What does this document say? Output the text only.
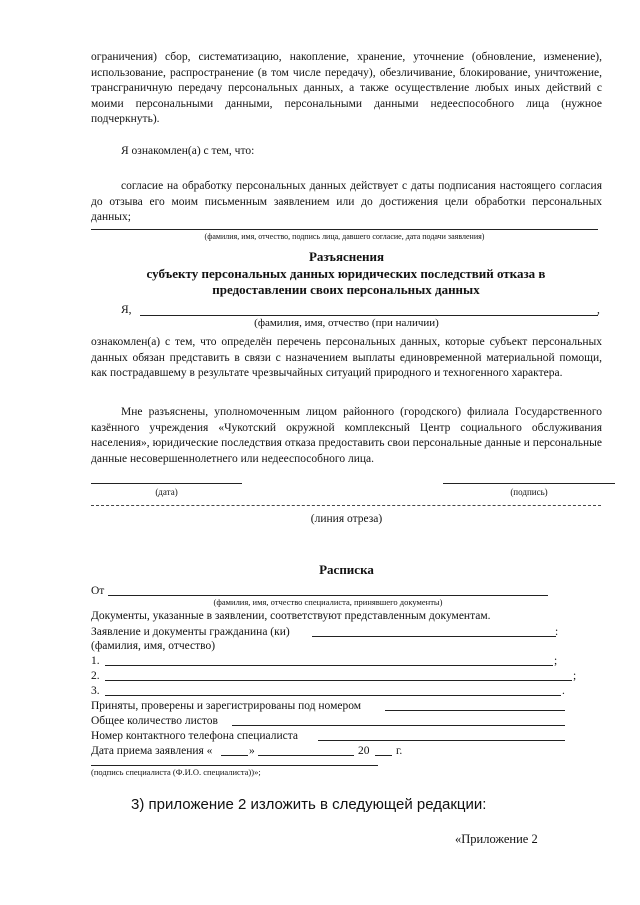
ограничения) сбор, систематизацию, накопление, хранение, уточнение (обновление, изменение), использование, распространение (в том числе передачу), обезличивание, блокирование, уничтожение, трансграничную передачу персональных данных, а также осуществление любых иных действий с моими персональными данными, персональными данными недееспособного лица (нужное подчеркнуть).

Я ознакомлен(а) с тем, что:

согласие на обработку персональных данных действует с даты подписания настоящего согласия до отзыва его моим письменным заявлением или до достижения цели обработки персональных данных;

(фамилия, имя, отчество, подпись лица, давшего согласие, дата подачи заявления)

Разъяснения

субъекту персональных данных юридических последствий отказа в предоставлении своих персональных данных

Я,	,
(фамилия, имя, отчество (при наличии)

ознакомлен(а) с тем, что определён перечень персональных данных, которые субъект персональных данных обязан представить в связи с назначением выплаты единовременной материальной помощи, как пострадавшему в результате чрезвычайных ситуаций природного и техногенного характера.

Мне разъяснены, уполномоченным лицом районного (городского) филиала Государственного казённого учреждения «Чукотский окружной комплексный Центр социального обслуживания населения», юридические последствия отказа предоставить свои персональные данные и персональные данные несовершеннолетнего или недееспособного лица.

(дата)	(подпись)
(линия отреза)
Расписка
От
(фамилия, имя, отчество специалиста, принявшего документы)
Документы, указанные в заявлении, соответствуют представленным документам.
Заявление и документы гражданина (ки)	:
(фамилия, имя, отчество)
1.	;
2.	;
3.	.
Приняты, проверены и зарегистрированы под номером
Общее количество листов
Номер контактного телефона специалиста
Дата приема заявления «	»	20 г.
(подпись специалиста (Ф.И.О. специалиста))»;
3) приложение 2 изложить в следующей редакции:
«Приложение 2
